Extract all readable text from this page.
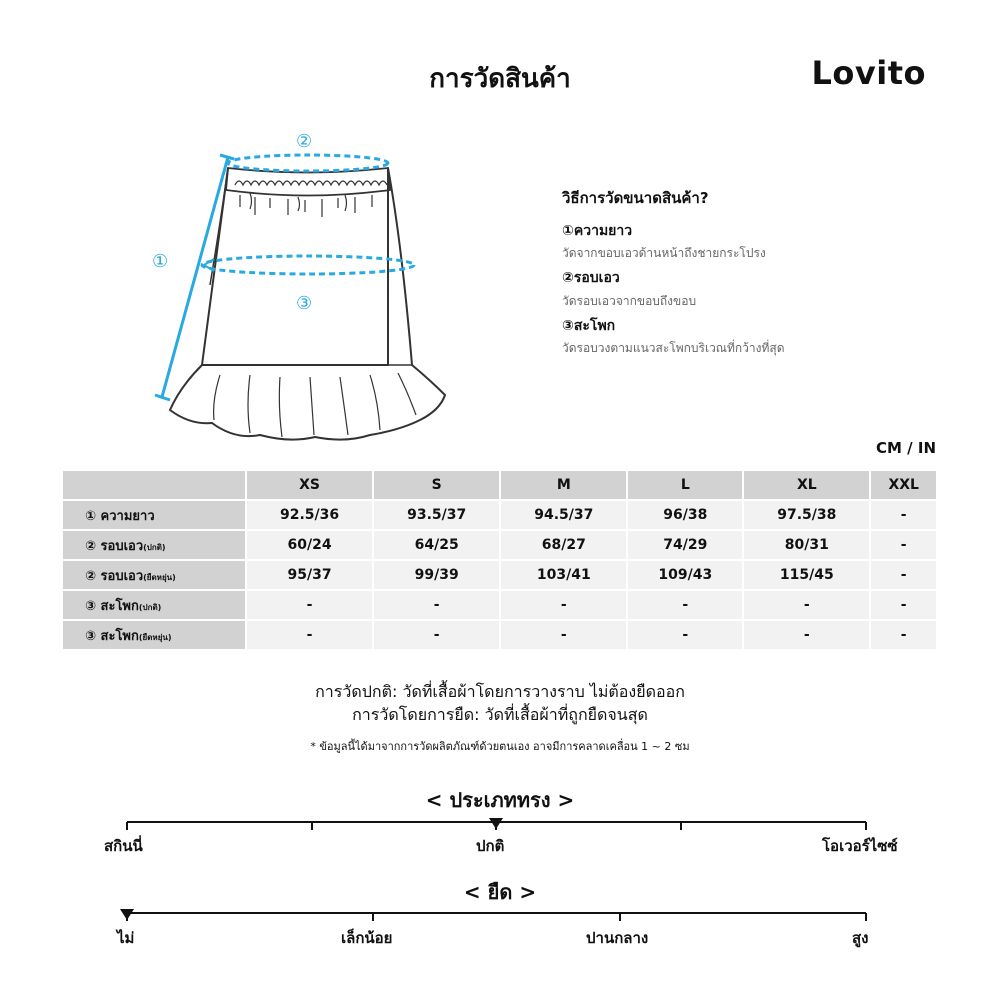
การวัดสินค้า	Lovito
②
①
③
วิธีการวัดขนาดสินค้า?
①ความยาว
วัดจากขอบเอวด้านหน้าถึงชายกระโปรง
②รอบเอว
วัดรอบเอวจากขอบถึงขอบ
③สะโพก
วัดรอบวงตามแนวสะโพกบริเวณที่กว้างที่สุด
CM / IN
	XS	S	M	L	XL	XXL
① ความยาว	92.5/36	93.5/37	94.5/37	96/38	97.5/38	-
② รอบเอว(ปกติ)	60/24	64/25	68/27	74/29	80/31	-
② รอบเอว(ยืดหยุ่น)	95/37	99/39	103/41	109/43	115/45	-
③ สะโพก(ปกติ)	-	-	-	-	-	-
③ สะโพก(ยืดหยุ่น)	-	-	-	-	-	-
การวัดปกติ: วัดที่เสื้อผ้าโดยการวางราบ ไม่ต้องยืดออก
การวัดโดยการยืด: วัดที่เสื้อผ้าที่ถูกยืดจนสุด
* ข้อมูลนี้ได้มาจากการวัดผลิตภัณฑ์ด้วยตนเอง อาจมีการคลาดเคลื่อน 1 ~ 2 ซม
< ประเภททรง >
สกินนี่	ปกติ	โอเวอร์ไซซ์
< ยืด >
ไม่	เล็กน้อย	ปานกลาง	สูง
